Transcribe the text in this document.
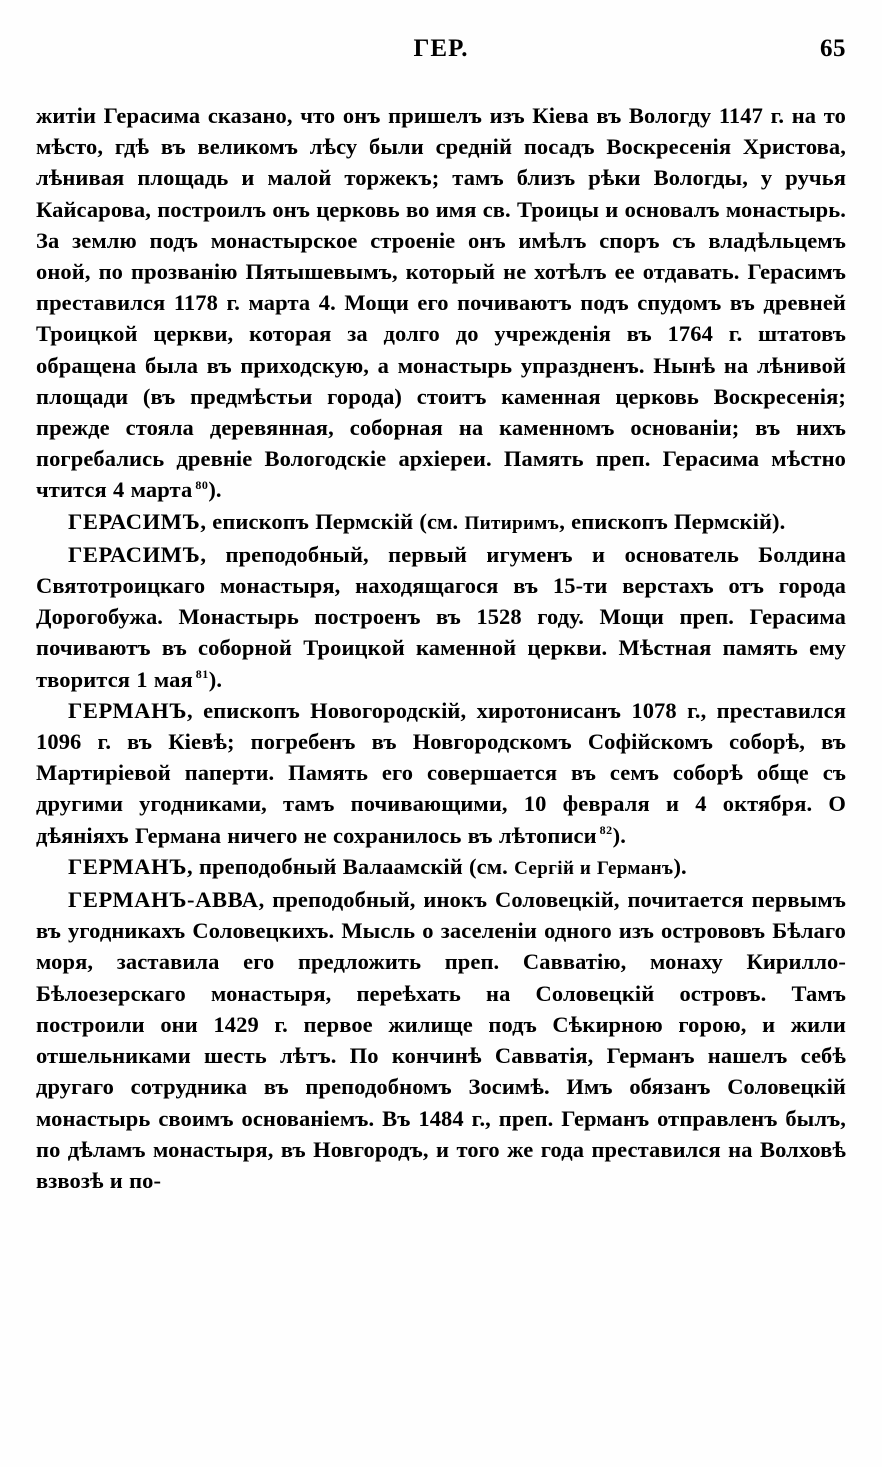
ГЕР.	65

житіи Герасима сказано, что онъ пришелъ изъ Кіева въ Вологду 1147 г. на то мѣсто, гдѣ въ великомъ лѣсу были средній посадъ Воскресенія Христова, лѣнивая площадь и малой торжекъ; тамъ близъ рѣки Вологды, у ручья Кайсарова, построилъ онъ церковь во имя св. Троицы и основалъ монастырь. За землю подъ монастырское строеніе онъ имѣлъ споръ съ владѣльцемъ оной, по прозванію Пятышевымъ, который не хотѣлъ ее отдавать. Герасимъ преставился 1178 г. марта 4. Мощи его почиваютъ подъ спудомъ въ древней Троицкой церкви, которая за долго до учрежденія въ 1764 г. штатовъ обращена была въ приходскую, а монастырь упраздненъ. Нынѣ на лѣнивой площади (въ предмѣстьи города) стоитъ каменная церковь Воскресенія; прежде стояла деревянная, соборная на каменномъ основаніи; въ нихъ погребались древніе Вологодскіе архіереи. Память преп. Герасима мѣстно чтится 4 марта $^{80}$).

ГЕРАСИМЪ, епископъ Пермскій (см. Питиримъ, епископъ Пермскій).

ГЕРАСИМЪ, преподобный, первый игуменъ и основатель Болдина Святотроицкаго монастыря, находящагося въ 15-ти верстахъ отъ города Дорогобужа. Монастырь построенъ въ 1528 году. Мощи преп. Герасима почиваютъ въ соборной Троицкой каменной церкви. Мѣстная память ему творится 1 мая $^{81}$).

ГЕРМАНЪ, епископъ Новогородскій, хиротонисанъ 1078 г., преставился 1096 г. въ Кіевѣ; погребенъ въ Новгородскомъ Софійскомъ соборѣ, въ Мартиріевой паперти. Память его совершается въ семъ соборѣ обще съ другими угодниками, тамъ почивающими, 10 февраля и 4 октября. О дѣяніяхъ Германа ничего не сохранилось въ лѣтописи $^{82}$).

ГЕРМАНЪ, преподобный Валаамскій (см. Сергій и Германъ).

ГЕРМАНЪ-АВВА, преподобный, инокъ Соловецкій, почитается первымъ въ угодникахъ Соловецкихъ. Мысль о заселеніи одного изъ острововъ Бѣлаго моря, заставила его предложить преп. Савватію, монаху Кирилло-Бѣлоезерскаго монастыря, переѣхать на Соловецкій островъ. Тамъ построили они 1429 г. первое жилище подъ Сѣкирною горою, и жили отшельниками шесть лѣтъ. По кончинѣ Савватія, Германъ нашелъ себѣ другаго сотрудника въ преподобномъ Зосимѣ. Имъ обязанъ Соловецкій монастырь своимъ основаніемъ. Въ 1484 г., преп. Германъ отправленъ былъ, по дѣламъ монастыря, въ Новгородъ, и того же года преставился на Волховѣ взвозѣ и по-
